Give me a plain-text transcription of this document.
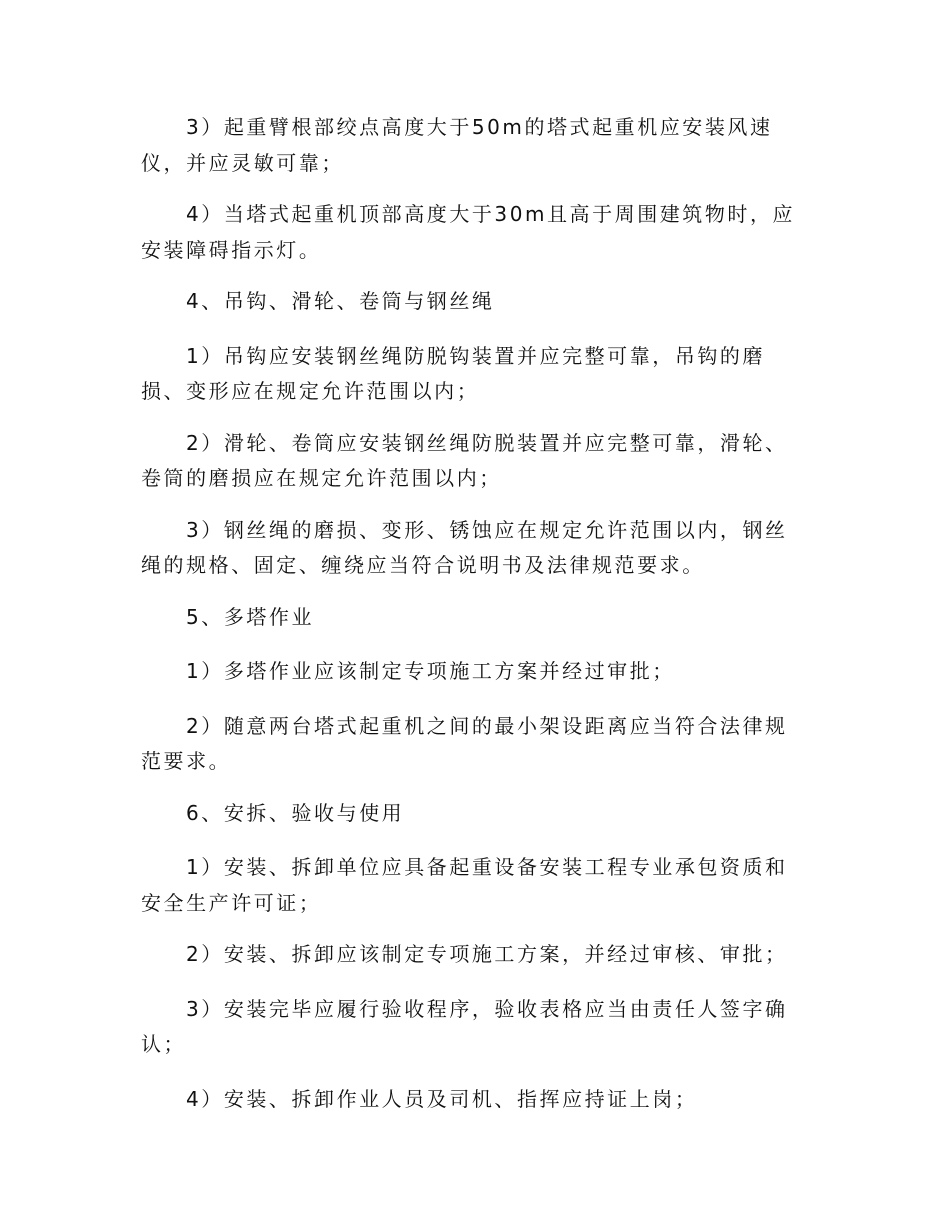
3）起重臂根部绞点高度大于50m的塔式起重机应安装风速仪，并应灵敏可靠；

4）当塔式起重机顶部高度大于30m且高于周围建筑物时，应安装障碍指示灯。

4、吊钩、滑轮、卷筒与钢丝绳

1）吊钩应安装钢丝绳防脱钩装置并应完整可靠，吊钩的磨损、变形应在规定允许范围以内；

2）滑轮、卷筒应安装钢丝绳防脱装置并应完整可靠，滑轮、卷筒的磨损应在规定允许范围以内；

3）钢丝绳的磨损、变形、锈蚀应在规定允许范围以内，钢丝绳的规格、固定、缠绕应当符合说明书及法律规范要求。

5、多塔作业

1）多塔作业应该制定专项施工方案并经过审批；

2）随意两台塔式起重机之间的最小架设距离应当符合法律规范要求。

6、安拆、验收与使用

1）安装、拆卸单位应具备起重设备安装工程专业承包资质和安全生产许可证；

2）安装、拆卸应该制定专项施工方案，并经过审核、审批；

3）安装完毕应履行验收程序，验收表格应当由责任人签字确认；

4）安装、拆卸作业人员及司机、指挥应持证上岗；
